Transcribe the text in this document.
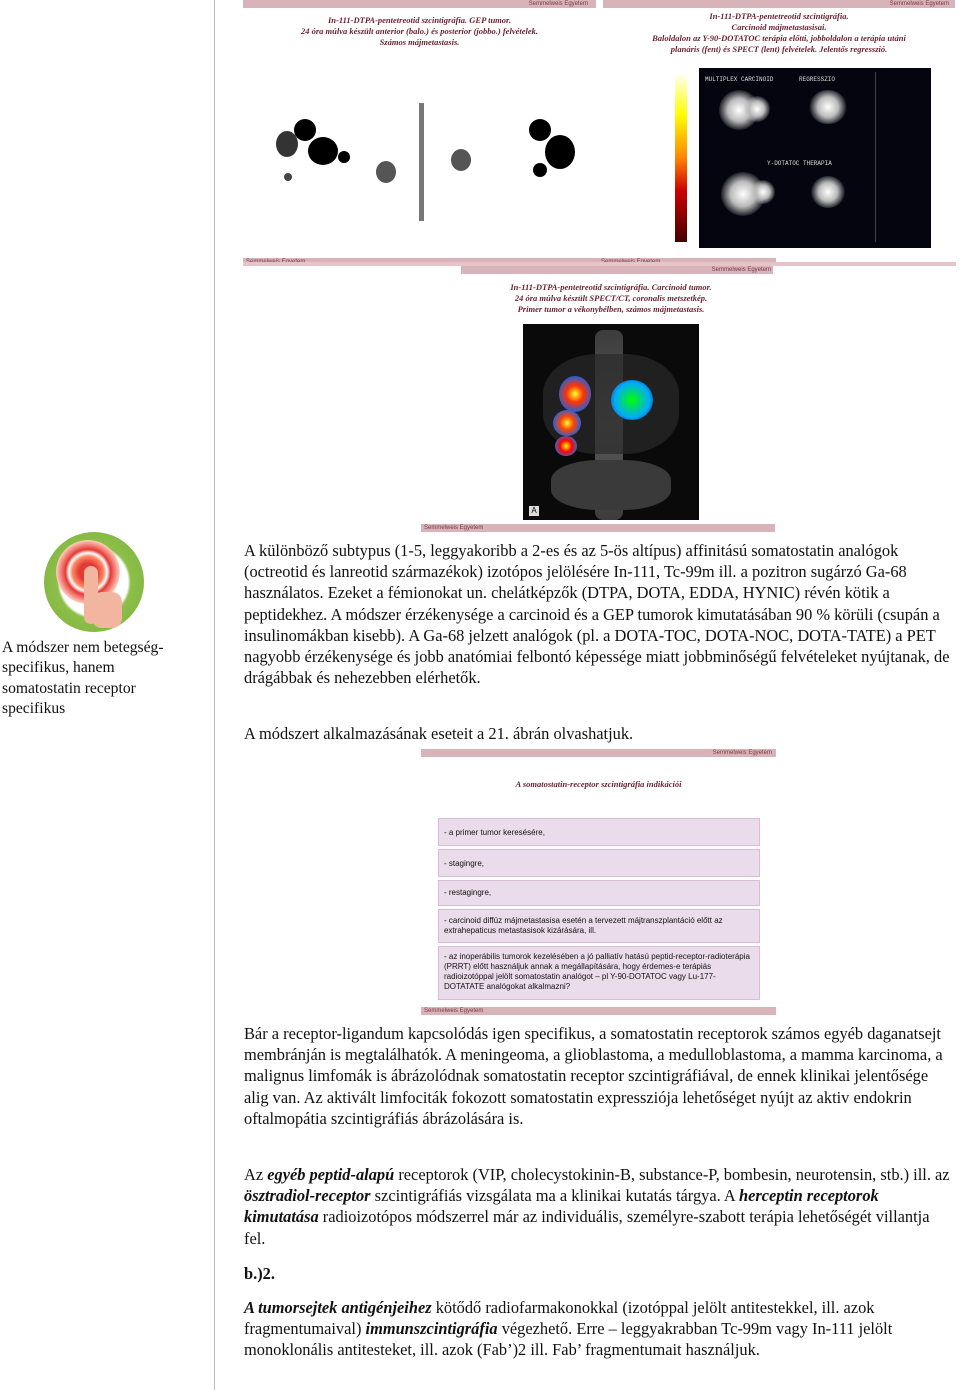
Semmelweis Egyetem
In-111-DTPA-pentetreotid szcintigráfia. GEP tumor.
24 óra múlva készült anterior (balo.) és posterior (jobbo.) felvételek.
Számos májmetastasis.
Semmelweis Egyetem
In-111-DTPA-pentetreotid szcintigráfia.
Carcinoid májmetastasisai.
Baloldalon az Y-90-DOTATOC terápia előtti, jobboldalon a terápia utáni
planáris (fent) és SPECT (lent) felvételek. Jelentős regresszió.
MULTIPLEX CARCINOID	REGRESSZIO
Y-DOTATOC THERAPIA
Semmelweis Egyetem
In-111-DTPA-pentetreotid szcintigráfia. Carcinoid tumor.
24 óra múlva készült SPECT/CT, coronalis metszetkép.
Primer tumor a vékonybélben, számos májmetastasis.
A
A módszer nem betegség-specifikus, hanem somatostatin receptor specifikus
Semmelweis Egyetem

A különböző subtypus (1-5, leggyakoribb a 2-es és az 5-ös altípus) affinitású somatostatin analógok (octreotid és lanreotid származékok) izotópos jelölésére In-111, Tc-99m ill. a pozitron sugárzó Ga-68 használatos. Ezeket a fémionokat un. chelátképzők (DTPA, DOTA, EDDA, HYNIC) révén kötik a peptidekhez. A módszer érzékenysége a carcinoid és a GEP tumorok kimutatásában 90 % körüli (csupán a insulinomákban kisebb). A Ga-68 jelzett analógok (pl. a DOTA-TOC, DOTA-NOC, DOTA-TATE) a PET nagyobb érzékenysége és jobb anatómiai felbontó képessége miatt jobbminőségű felvételeket nyújtanak, de drágábbak és nehezebben elérhetők.

A módszert alkalmazásának eseteit a 21. ábrán olvashatjuk.

Semmelweis Egyetem
A somatostatin-receptor szcintigráfia indikációi
Semmelweis Egyetem
- a primer tumor keresésére,
- stagingre,
- restagingre,
- carcinoid diffúz májmetastasisa esetén a tervezett májtranszplantáció előtt az extrahepaticus metastasisok kizárására, ill.
- az inoperábilis tumorok kezelésében a jó palliatív hatású peptid-receptor-radioterápia (PRRT) előtt használjuk annak a megállapítására, hogy érdemes-e terápiás radioizotóppal jelölt somatostatin analógot – pl Y-90-DOTATOC vagy Lu-177-DOTATATE analógokat alkalmazni?

Bár a receptor-ligandum kapcsolódás igen specifikus, a somatostatin receptorok számos egyéb daganatsejt membránján is megtalálhatók. A meningeoma, a glioblastoma, a medulloblastoma, a mamma karcinoma, a malignus limfomák is ábrázolódnak somatostatin receptor szcintigráfiával, de ennek klinikai jelentősége alig van. Az aktivált limfociták fokozott somatostatin expressziója lehetőséget nyújt az aktiv endokrin oftalmopátia szcintigráfiás ábrázolására is.

Az egyéb peptid-alapú receptorok (VIP, cholecystokinin-B, substance-P, bombesin, neurotensin, stb.) ill. az ösztradiol-receptor szcintigráfiás vizsgálata ma a klinikai kutatás tárgya. A herceptin receptorok kimutatása radioizotópos módszerrel már az individuális, személyre-szabott terápia lehetőségét villantja fel.

b.)2.

A tumorsejtek antigénjeihez kötődő radiofarmakonokkal (izotóppal jelölt antitestekkel, ill. azok fragmentumaival) immunszcintigráfia végezhető. Erre – leggyakrabban Tc-99m vagy In-111 jelölt monoklonális antitesteket, ill. azok (Fab’)2 ill. Fab’ fragmentumait használjuk.
